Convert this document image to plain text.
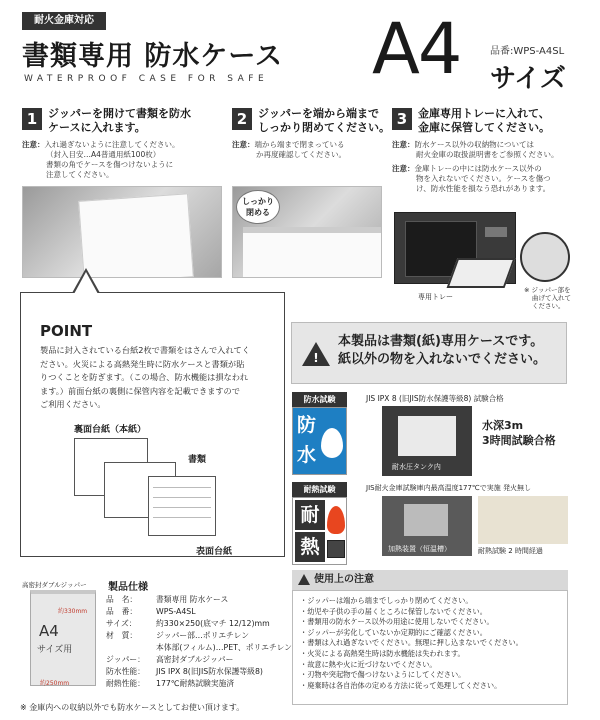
耐火金庫対応
書類専用 防水ケース
WATERPROOF CASE FOR SAFE A4	品番:WPS-A4SL
サイズ
1 ジッパーを開けて書類を防水
ケースに入れます。
注意：入れ過ぎないように注意してください。
（封入目安…A4普通用紙100枚）
書類の角でケースを傷つけないように
注意してください。
2 ジッパーを端から端まで
しっかり閉めてください。
注意：端から端まで閉まっている
か再度確認してください。
しっかり
閉める
3 金庫専用トレーに入れて、
金庫に保管してください。
注意：防水ケース以外の収納物については
耐火金庫の取扱説明書をご参照ください。
注意：金庫トレーの中には防水ケース以外の
物を入れないでください。ケースを傷つ
け、防水性能を損なう恐れがあります。
専用トレー
※ ジッパー部を
曲げて入れて
ください。
POINT
製品に封入されている台紙2枚で書類をはさんで入れてく
ださい。火災による高熱発生時に防水ケースと書類が貼
りつくことを防ぎます。（この場合、防水機能は損なわれ
ます。）前面台紙の裏側に保管内容を記載できますので
ご利用ください。
裏面台紙（本紙）
書類
表面台紙
!
本製品は書類(紙)専用ケースです。
紙以外の物を入れないでください。
防水試験
防
水
JIS IPX 8 (旧JIS防水保護等級8) 試験合格
耐水圧タンク内
水深3m
3時間試験合格
耐熱試験
耐
熱
JIS耐火金庫試験庫内最高温度177℃で実施 発火無し
加熱装置（恒温槽）	耐熱試験 2 時間経過
高密封ダブルジッパー
A4
サイズ用
約330mm
約250mm
製品仕様
品　名： 書類専用 防水ケース
品　番： WPS-A4SL
サイズ： 約330×250(底マチ 12/12)mm
材　質： ジッパー部…ポリエチレン
本体部(フィルム)…PET、ポリエチレン
ジッパー： 高密封ダブルジッパー
防水性能： JIS IPX 8(旧JIS防水保護等級8)
耐熱性能： 177℃耐熱試験実施済
使用上の注意
・ジッパーは端から端までしっかり閉めてください。
・幼児や子供の手の届くところに保管しないでください。
・書類用の防水ケース以外の用途に使用しないでください。
・ジッパーが劣化していないか定期的にご確認ください。
・書類は入れ過ぎないでください。無理に押し込まないでください。
・火災による高熱発生時は防水機能は失われます。
・故意に熱や火に近づけないでください。
・刃物や突起物で傷つけないようにしてください。
・廃棄時は各自治体の定める方法に従って処理してください。
※ 金庫内への収納以外でも防水ケースとしてお使い頂けます。
